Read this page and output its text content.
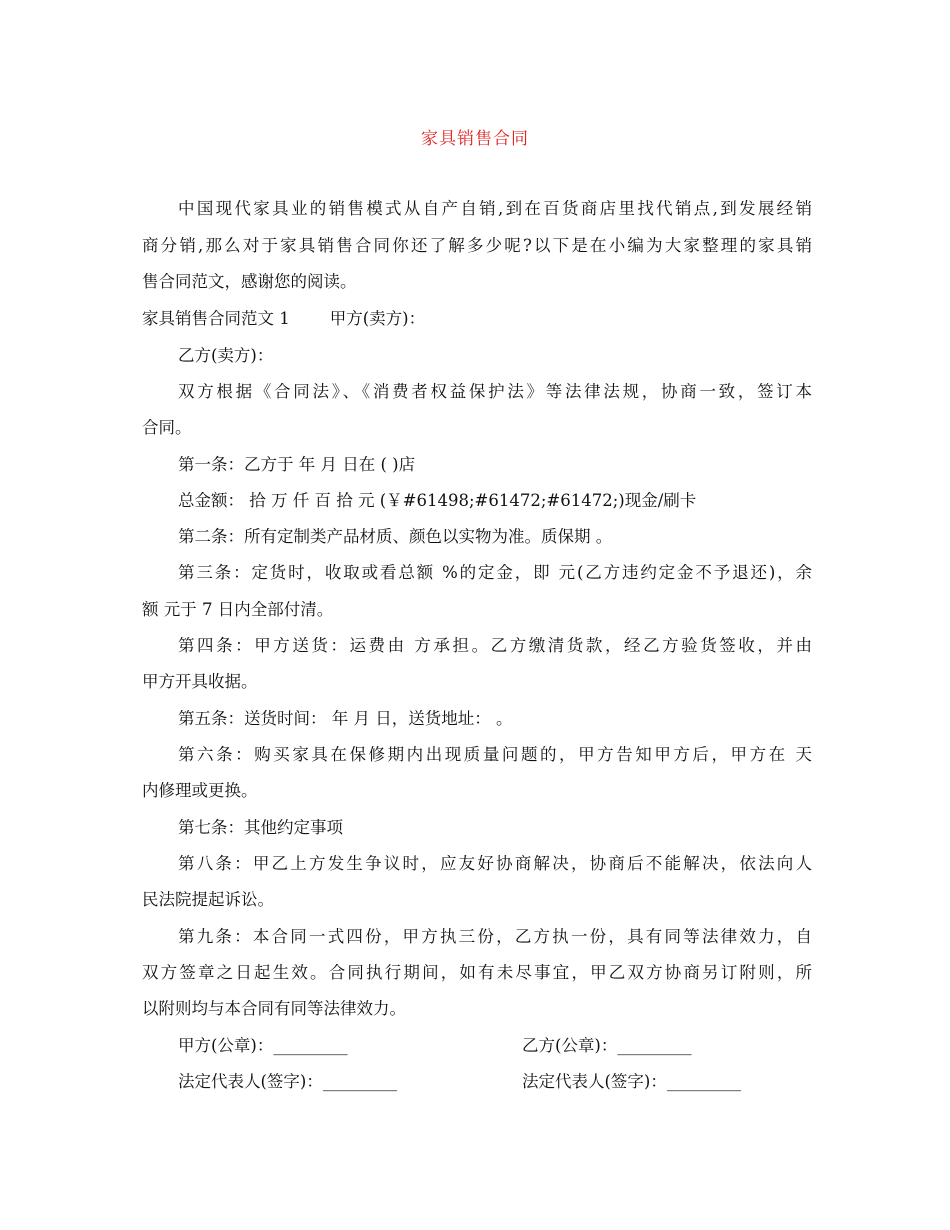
家具销售合同
中国现代家具业的销售模式从自产自销,到在百货商店里找代销点,到发展经销
商分销,那么对于家具销售合同你还了解多少呢?以下是在小编为大家整理的家具销
售合同范文，感谢您的阅读。
家具销售合同范文 1 甲方(卖方)：
乙方(卖方)：
双方根据《合同法》、《消费者权益保护法》等法律法规，协商一致，签订本
合同。
第一条：乙方于 年 月 日在 ( )店
总金额： 拾 万 仟 百 拾 元 (￥#61498;#61472;#61472;)现金/刷卡
第二条：所有定制类产品材质、颜色以实物为准。质保期 。
第三条：定货时，收取或看总额 %的定金，即 元(乙方违约定金不予退还)，余
额 元于 7 日内全部付清。
第四条：甲方送货：运费由 方承担。乙方缴清货款，经乙方验货签收，并由
甲方开具收据。
第五条：送货时间： 年 月 日，送货地址： 。
第六条：购买家具在保修期内出现质量问题的，甲方告知甲方后，甲方在 天
内修理或更换。
第七条：其他约定事项
第八条：甲乙上方发生争议时，应友好协商解决，协商后不能解决，依法向人
民法院提起诉讼。
第九条：本合同一式四份，甲方执三份，乙方执一份，具有同等法律效力，自
双方签章之日起生效。合同执行期间，如有未尽事宜，甲乙双方协商另订附则，所
以附则均与本合同有同等法律效力。
甲方(公章)：_________	乙方(公章)：_________
法定代表人(签字)：_________	法定代表人(签字)：_________
